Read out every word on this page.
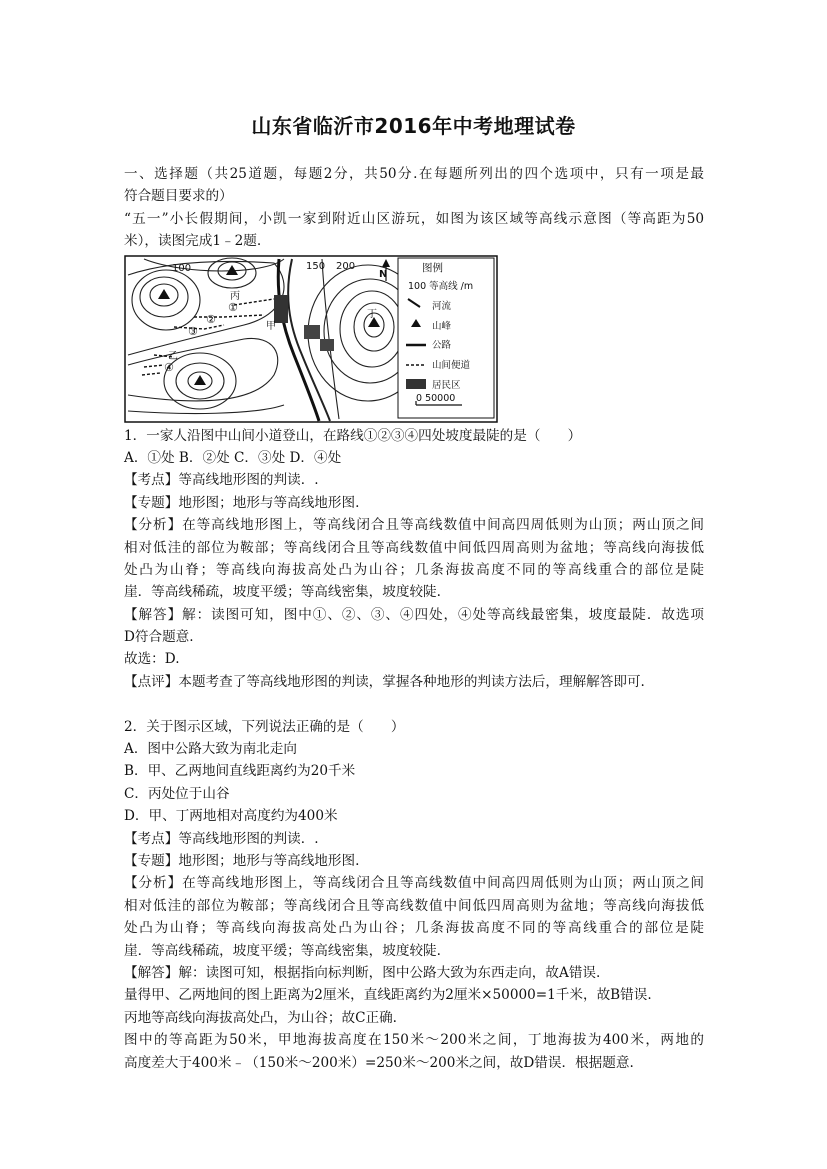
山东省临沂市2016年中考地理试卷
一、选择题（共25道题，每题2分，共50分.在每题所列出的四个选项中，只有一项是最
符合题目要求的）
“五一”小长假期间，小凯一家到附近山区游玩，如图为该区域等高线示意图（等高距为50
米），读图完成1﹣2题.
①
②
③
④
丙
甲
乙
丁
100	150 200
N
图例
100 等高线 /m
河流
山峰
公路
山间便道
居民区
0 50000
1．一家人沿图中山间小道登山，在路线①②③④四处坡度最陡的是（　　）
A．①处 B．②处 C．③处 D．④处
【考点】等高线地形图的判读．.
【专题】地形图；地形与等高线地形图.
【分析】在等高线地形图上，等高线闭合且等高线数值中间高四周低则为山顶；两山顶之间
相对低洼的部位为鞍部；等高线闭合且等高线数值中间低四周高则为盆地；等高线向海拔低
处凸为山脊；等高线向海拔高处凸为山谷；几条海拔高度不同的等高线重合的部位是陡
崖．等高线稀疏，坡度平缓；等高线密集，坡度较陡.
【解答】解：读图可知，图中①、②、③、④四处，④处等高线最密集，坡度最陡．故选项
D符合题意.
故选：D.
【点评】本题考查了等高线地形图的判读，掌握各种地形的判读方法后，理解解答即可.
2．关于图示区域，下列说法正确的是（　　）
A．图中公路大致为南北走向
B．甲、乙两地间直线距离约为20千米
C．丙处位于山谷
D．甲、丁两地相对高度约为400米
【考点】等高线地形图的判读．.
【专题】地形图；地形与等高线地形图.
【分析】在等高线地形图上，等高线闭合且等高线数值中间高四周低则为山顶；两山顶之间
相对低洼的部位为鞍部；等高线闭合且等高线数值中间低四周高则为盆地；等高线向海拔低
处凸为山脊；等高线向海拔高处凸为山谷；几条海拔高度不同的等高线重合的部位是陡
崖．等高线稀疏，坡度平缓；等高线密集，坡度较陡.
【解答】解：读图可知，根据指向标判断，图中公路大致为东西走向，故A错误.
量得甲、乙两地间的图上距离为2厘米，直线距离约为2厘米×50000=1千米，故B错误.
丙地等高线向海拔高处凸，为山谷；故C正确.
图中的等高距为50米，甲地海拔高度在150米～200米之间，丁地海拔为400米，两地的
高度差大于400米﹣（150米～200米）=250米～200米之间，故D错误．根据题意.
